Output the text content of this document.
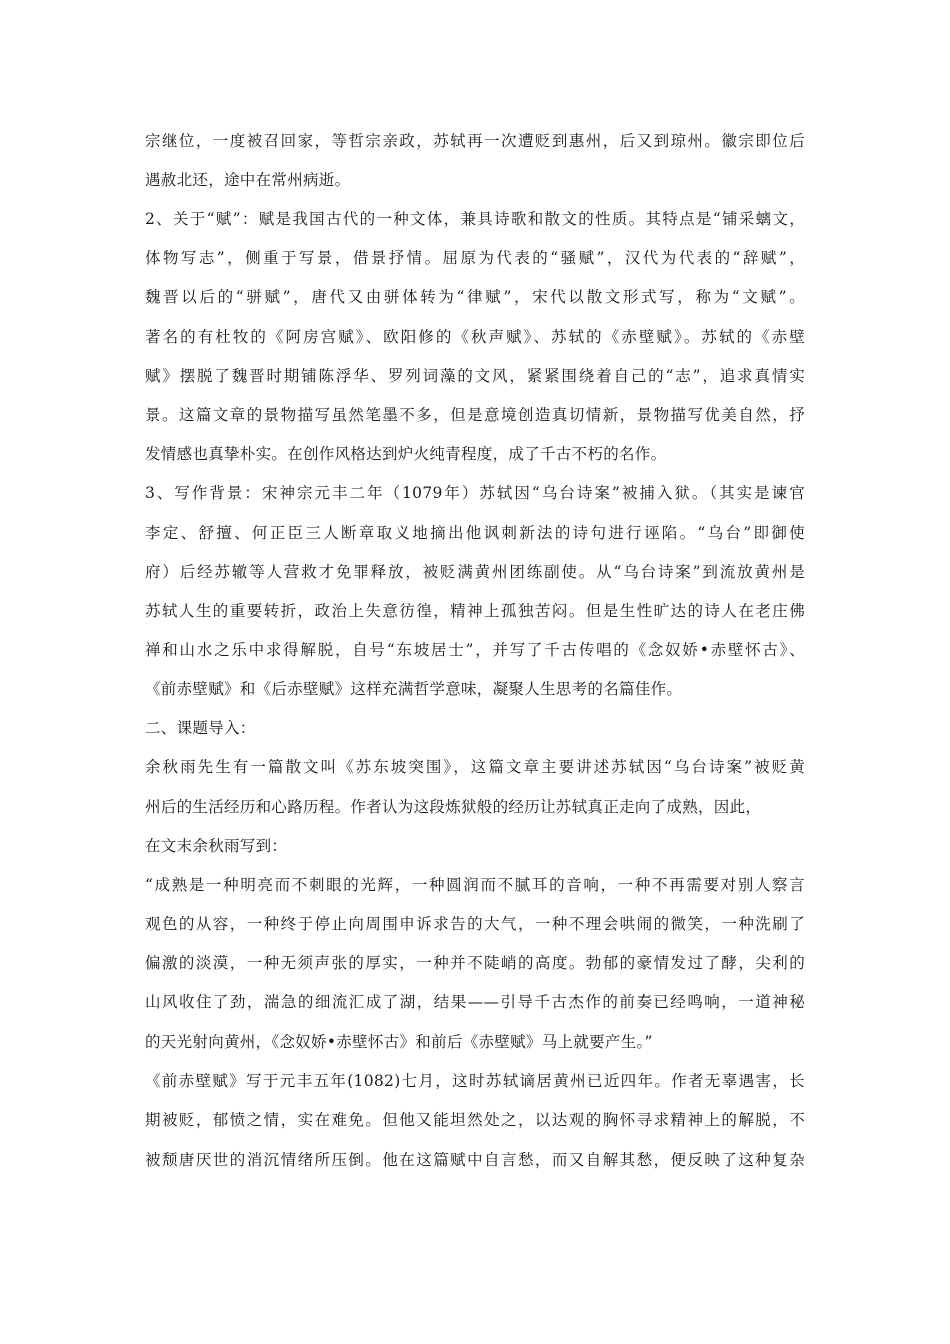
宗继位，一度被召回家，等哲宗亲政，苏轼再一次遭贬到惠州，后又到琼州。徽宗即位后
遇赦北还，途中在常州病逝。
2、关于“赋”：赋是我国古代的一种文体，兼具诗歌和散文的性质。其特点是“铺采螭文，
体物写志”，侧重于写景，借景抒情。屈原为代表的“骚赋”，汉代为代表的“辞赋”，
魏晋以后的“骈赋”，唐代又由骈体转为“律赋”，宋代以散文形式写，称为“文赋”。
著名的有杜牧的《阿房宫赋》、欧阳修的《秋声赋》、苏轼的《赤壁赋》。苏轼的《赤壁
赋》摆脱了魏晋时期铺陈浮华、罗列词藻的文风，紧紧围绕着自己的“志”，追求真情实
景。这篇文章的景物描写虽然笔墨不多，但是意境创造真切情新，景物描写优美自然，抒
发情感也真挚朴实。在创作风格达到炉火纯青程度，成了千古不朽的名作。
3、写作背景：宋神宗元丰二年（1079年）苏轼因“乌台诗案”被捕入狱。（其实是谏官
李定、舒擅、何正臣三人断章取义地摘出他讽刺新法的诗句进行诬陷。“乌台”即御使
府）后经苏辙等人营救才免罪释放，被贬满黄州团练副使。从“乌台诗案”到流放黄州是
苏轼人生的重要转折，政治上失意彷徨，精神上孤独苦闷。但是生性旷达的诗人在老庄佛
禅和山水之乐中求得解脱，自号“东坡居士”，并写了千古传唱的《念奴娇•赤壁怀古》、
《前赤壁赋》和《后赤壁赋》这样充满哲学意味，凝聚人生思考的名篇佳作。
二、课题导入：
余秋雨先生有一篇散文叫《苏东坡突围》，这篇文章主要讲述苏轼因“乌台诗案”被贬黄
州后的生活经历和心路历程。作者认为这段炼狱般的经历让苏轼真正走向了成熟，因此，
在文末余秋雨写到：
“成熟是一种明亮而不刺眼的光辉，一种圆润而不腻耳的音响，一种不再需要对别人察言
观色的从容，一种终于停止向周围申诉求告的大气，一种不理会哄闹的微笑，一种洗刷了
偏激的淡漠，一种无须声张的厚实，一种并不陡峭的高度。勃郁的豪情发过了酵，尖利的
山风收住了劲，湍急的细流汇成了湖，结果——引导千古杰作的前奏已经鸣响，一道神秘
的天光射向黄州，《念奴娇•赤壁怀古》和前后《赤壁赋》马上就要产生。”
《前赤壁赋》写于元丰五年(1082)七月，这时苏轼谪居黄州已近四年。作者无辜遇害，长
期被贬，郁愤之情，实在难免。但他又能坦然处之，以达观的胸怀寻求精神上的解脱，不
被颓唐厌世的消沉情绪所压倒。他在这篇赋中自言愁，而又自解其愁，便反映了这种复杂
